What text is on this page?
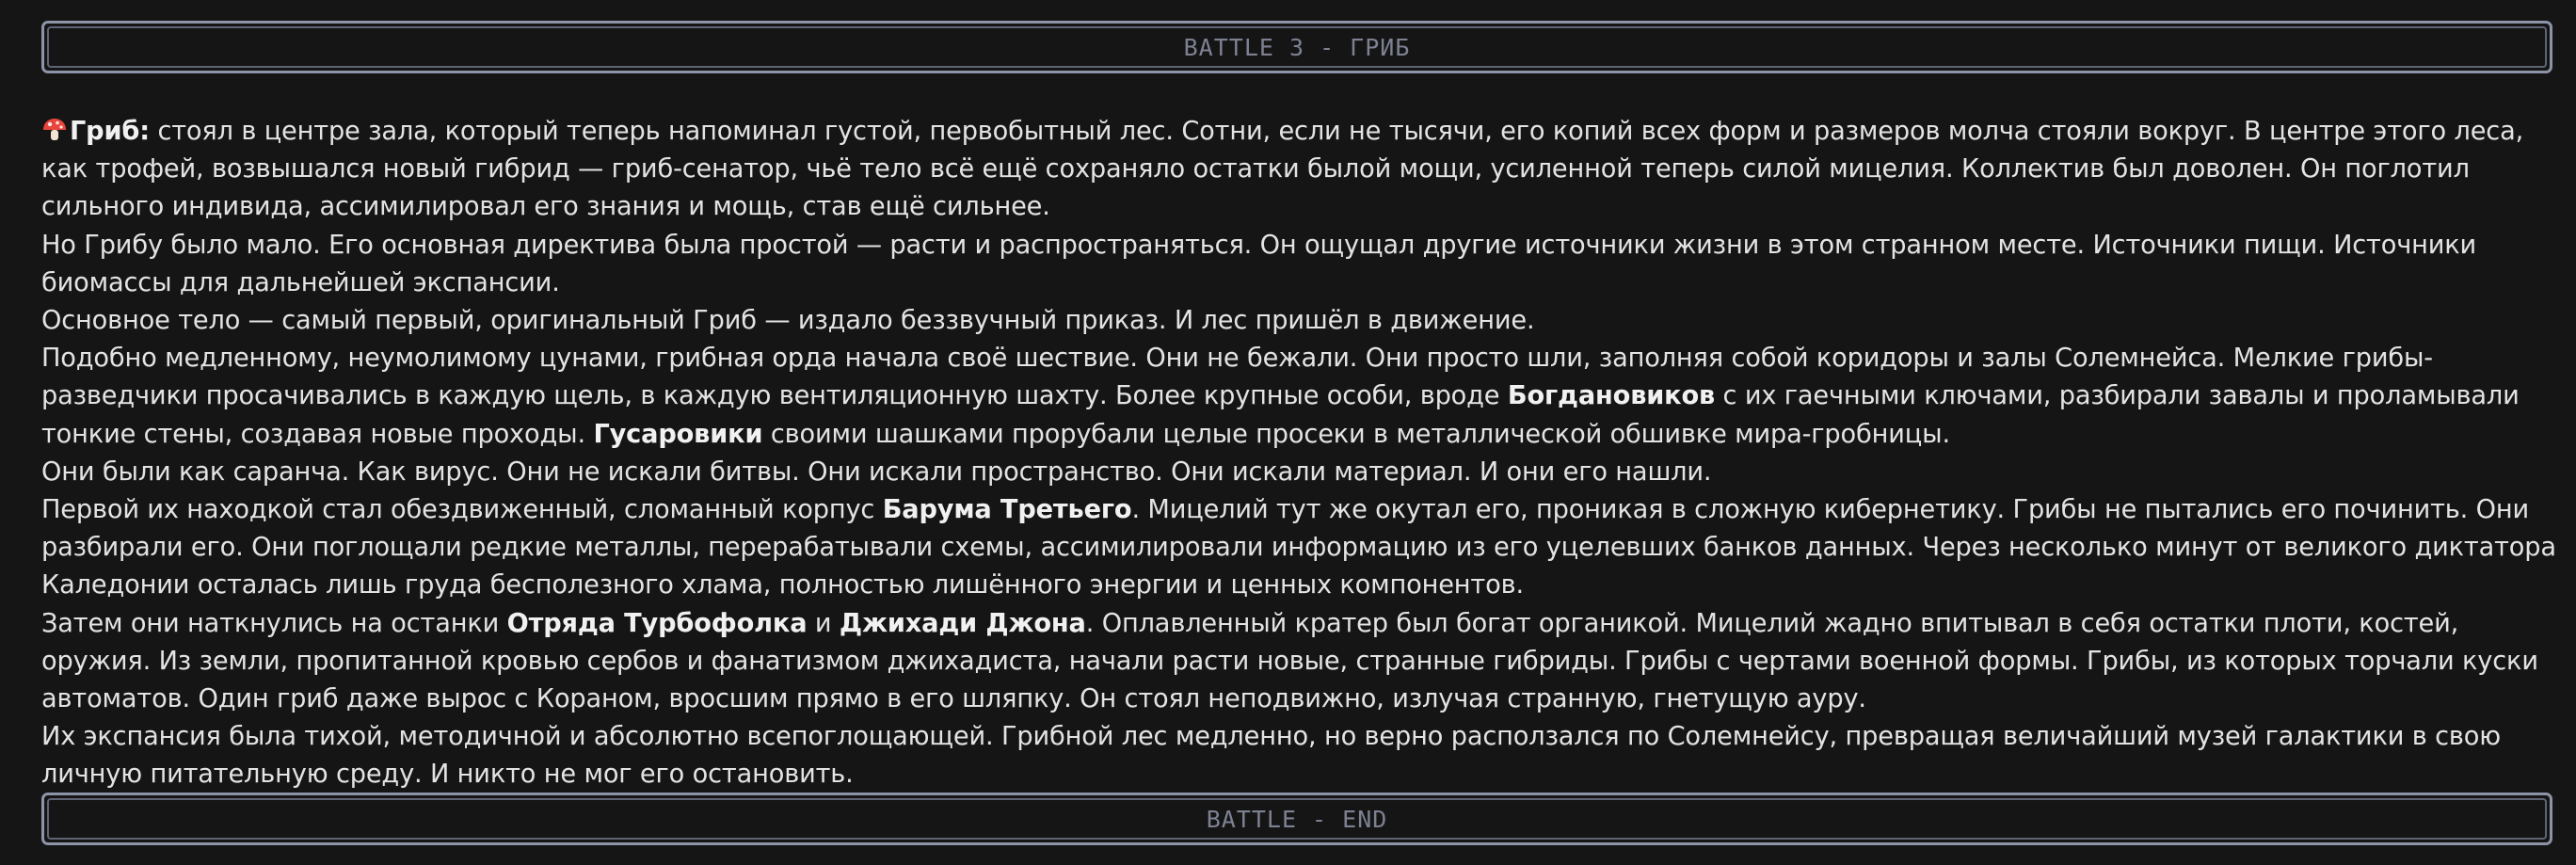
BATTLE 3 - ГРИБ

Гриб: стоял в центре зала, который теперь напоминал густой, первобытный лес. Сотни, если не тысячи, его копий всех форм и размеров молча стояли вокруг. В центре этого леса, как трофей, возвышался новый гибрид — гриб-сенатор, чьё тело всё ещё сохраняло остатки былой мощи, усиленной теперь силой мицелия. Коллектив был доволен. Он поглотил сильного индивида, ассимилировал его знания и мощь, став ещё сильнее.

Но Грибу было мало. Его основная директива была простой — расти и распространяться. Он ощущал другие источники жизни в этом странном месте. Источники пищи. Источники биомассы для дальнейшей экспансии.

Основное тело — самый первый, оригинальный Гриб — издало беззвучный приказ. И лес пришёл в движение.

Подобно медленному, неумолимому цунами, грибная орда начала своё шествие. Они не бежали. Они просто шли, заполняя собой коридоры и залы Солемнейса. Мелкие грибы-разведчики просачивались в каждую щель, в каждую вентиляционную шахту. Более крупные особи, вроде Богдановиков с их гаечными ключами, разбирали завалы и проламывали тонкие стены, создавая новые проходы. Гусаровики своими шашками прорубали целые просеки в металлической обшивке мира-гробницы.

Они были как саранча. Как вирус. Они не искали битвы. Они искали пространство. Они искали материал. И они его нашли.

Первой их находкой стал обездвиженный, сломанный корпус Барума Третьего. Мицелий тут же окутал его, проникая в сложную кибернетику. Грибы не пытались его починить. Они разбирали его. Они поглощали редкие металлы, перерабатывали схемы, ассимилировали информацию из его уцелевших банков данных. Через несколько минут от великого диктатора Каледонии осталась лишь груда бесполезного хлама, полностью лишённого энергии и ценных компонентов.

Затем они наткнулись на останки Отряда Турбофолка и Джихади Джона. Оплавленный кратер был богат органикой. Мицелий жадно впитывал в себя остатки плоти, костей, оружия. Из земли, пропитанной кровью сербов и фанатизмом джихадиста, начали расти новые, странные гибриды. Грибы с чертами военной формы. Грибы, из которых торчали куски автоматов. Один гриб даже вырос с Кораном, вросшим прямо в его шляпку. Он стоял неподвижно, излучая странную, гнетущую ауру.

Их экспансия была тихой, методичной и абсолютно всепоглощающей. Грибной лес медленно, но верно расползался по Солемнейсу, превращая величайший музей галактики в свою личную питательную среду. И никто не мог его остановить.

BATTLE - END
